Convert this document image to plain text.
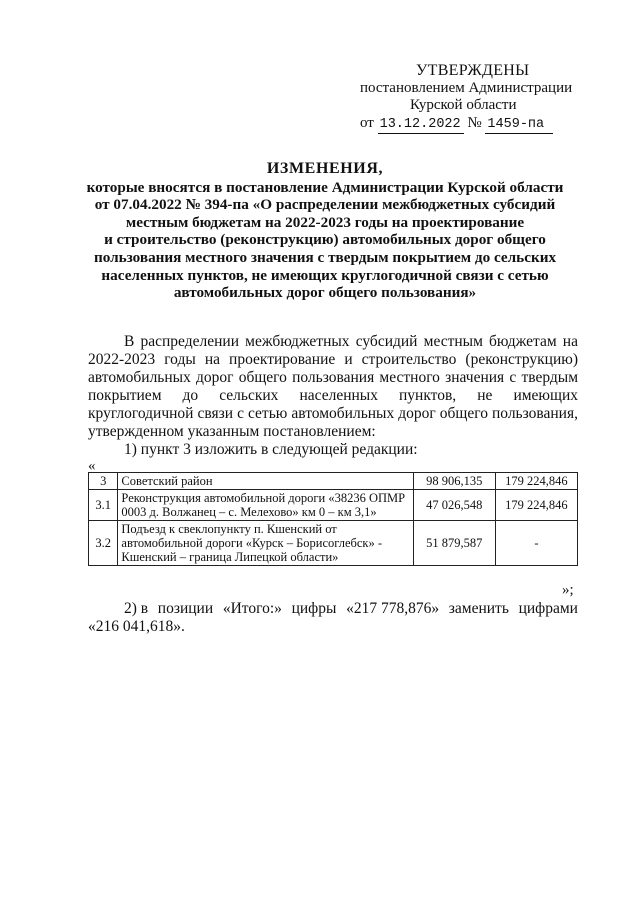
УТВЕРЖДЕНЫ
постановлением Администрации
Курской области
от 13.12.2022 № 1459-па
ИЗМЕНЕНИЯ,
которые вносятся в постановление Администрации Курской области
от 07.04.2022 № 394-па «О распределении межбюджетных субсидий
местным бюджетам на 2022-2023 годы на проектирование
и строительство (реконструкцию) автомобильных дорог общего
пользования местного значения с твердым покрытием до сельских
населенных пунктов, не имеющих круглогодичной связи с сетью
автомобильных дорог общего пользования»

В распределении межбюджетных субсидий местным бюджетам на 2022-2023 годы на проектирование и строительство (реконструкцию) автомобильных дорог общего пользования местного значения с твердым покрытием до сельских населенных пунктов, не имеющих круглогодичной связи с сетью автомобильных дорог общего пользования, утвержденном указанным постановлением:

1) пункт 3 изложить в следующей редакции:

«
3	Советский район	98 906,135	179 224,846
3.1	Реконструкция автомобильной дороги «38236 ОПМР 0003 д. Волжанец – с. Мелехово» км 0 – км 3,1»	47 026,548	179 224,846
3.2	Подъезд к свеклопункту п. Кшенский от автомобильной дороги «Курск – Борисоглебск» - Кшенский – граница Липецкой области»	51 879,587	-
»;
2) в позиции «Итого:» цифры «217 778,876» заменить цифрами
«216 041,618».
